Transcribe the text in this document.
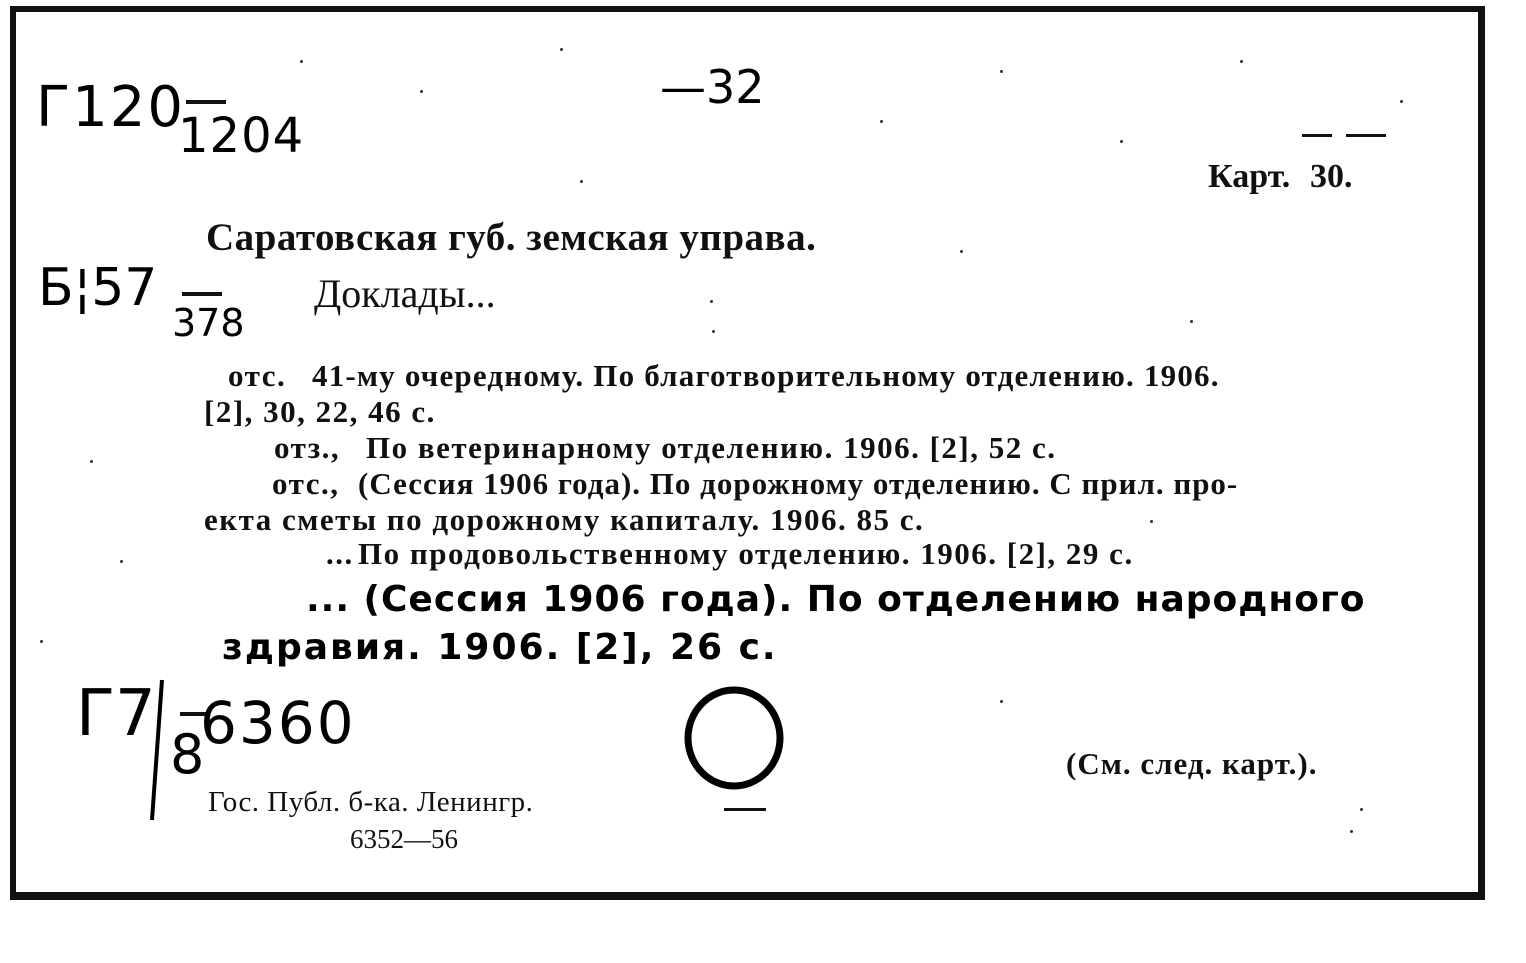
Г120
1204
—32
Карт. 30.
Саратовская губ. земская управа.
Б¦57
378
Доклады...
отс. 41-му очередному. По благотворительному отделению. 1906.
[2], 30, 22, 46 с.
отз., По ветеринарному отделению. 1906. [2], 52 с.
отс., (Сессия 1906 года). По дорожному отделению. С прил. про-
екта сметы по дорожному капиталу. 1906. 85 с.
... По продовольственному отделению. 1906. [2], 29 с.
... (Сессия 1906 года). По отделению народного
здравия. 1906. [2], 26 с.
Г7
8
6360
(См. след. карт.).
Гос. Публ. б-ка. Ленингр.
6352—56
